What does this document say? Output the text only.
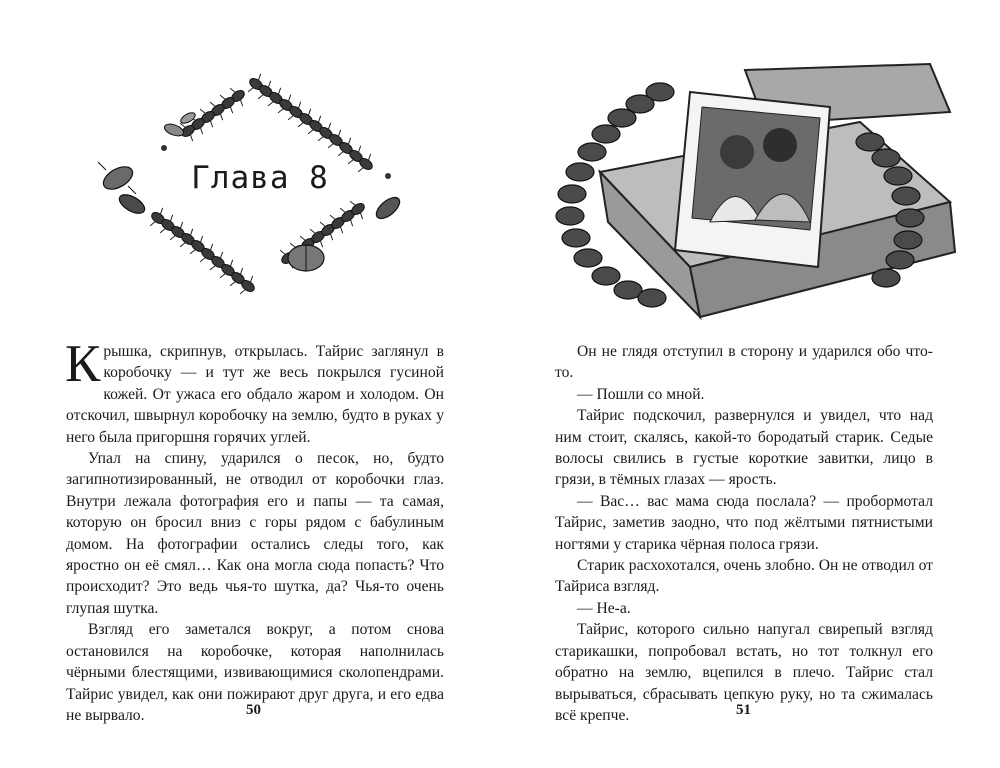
Глава 8

Крышка, скрипнув, открылась. Тайрис заглянул в коробочку — и тут же весь покрылся гусиной кожей. От ужаса его обдало жаром и холодом. Он отскочил, швырнул коробочку на землю, будто в руках у него была пригоршня горячих углей.

Упал на спину, ударился о песок, но, будто загипнотизированный, не отводил от коробочки глаз. Внутри лежала фотография его и папы — та самая, которую он бросил вниз с горы рядом с бабулиным домом. На фотографии остались следы того, как яростно он её смял… Как она могла сюда попасть? Что происходит? Это ведь чья-то шутка, да? Чья-то очень глупая шутка.

Взгляд его заметался вокруг, а потом снова остановился на коробочке, которая наполнилась чёрными блестящими, извивающимися сколопендрами. Тайрис увидел, как они пожирают друг друга, и его едва не вырвало.	50

Он не глядя отступил в сторону и ударился обо что-то.

— Пошли со мной.

Тайрис подскочил, развернулся и увидел, что над ним стоит, скалясь, какой-то бородатый старик. Седые волосы свились в густые короткие завитки, лицо в грязи, в тёмных глазах — ярость.

— Вас… вас мама сюда послала? — пробормотал Тайрис, заметив заодно, что под жёлтыми пятнистыми ногтями у старика чёрная полоса грязи.

Старик расхохотался, очень злобно. Он не отводил от Тайриса взгляд.

— Не-а.

Тайрис, которого сильно напугал свирепый взгляд старикашки, попробовал встать, но тот толкнул его обратно на землю, вцепился в плечо. Тайрис стал вырываться, сбрасывать цепкую руку, но та сжималась всё крепче.	51
